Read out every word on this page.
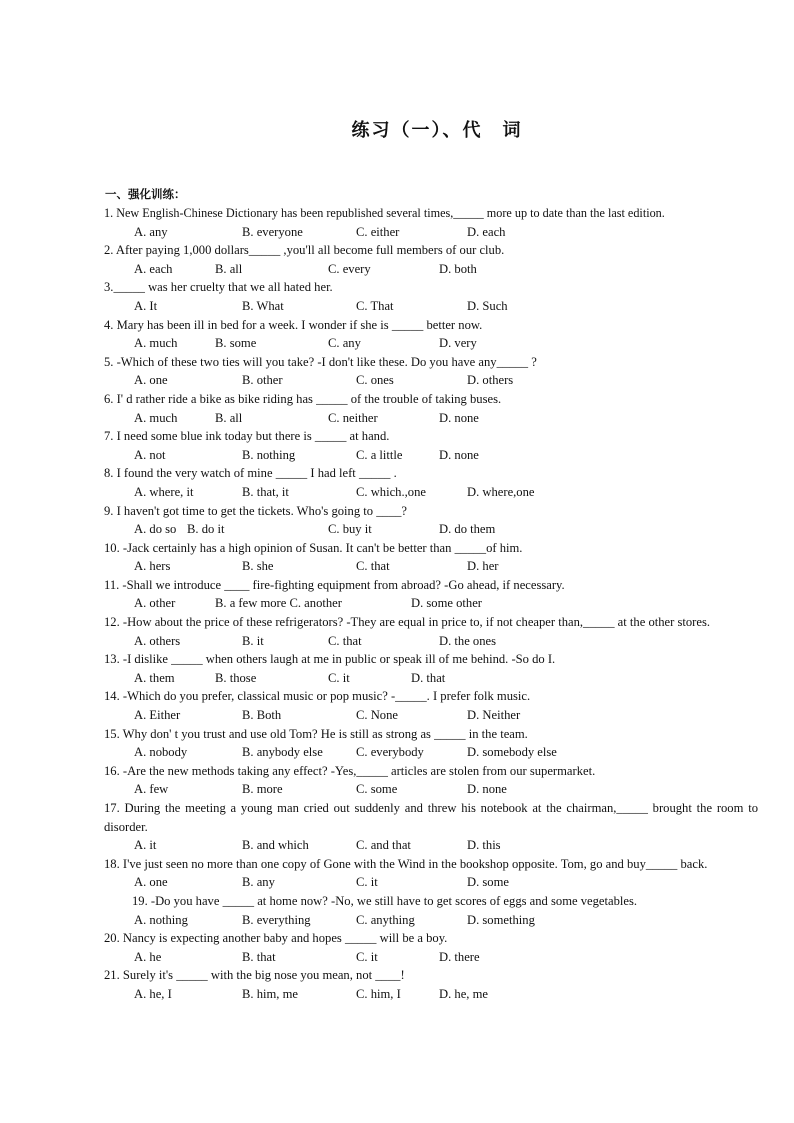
练习（一）、代　词
一、强化训练：
1. New English-Chinese Dictionary has been republished several times,_____ more up to date than the last edition.
A. any	B. everyone	C. either	D. each
2. After paying 1,000 dollars_____ ,you'll all become full members of our club.
A. each	B. all	C. every	D. both
3._____ was her cruelty that we all hated her.
A. It	B. What	C. That	D. Such
4. Mary has been ill in bed for a week. I wonder if she is _____ better now.
A. much	B. some	C. any	D. very
5. -Which of these two ties will you take? -I don't like these. Do you have any_____ ?
A. one	B. other	C. ones	D. others
6. I' d rather ride a bike as bike riding has _____ of the trouble of taking buses.
A. much	B. all	C. neither	D. none
7. I need some blue ink today but there is _____ at hand.
A. not	B. nothing	C. a little	D. none
8. I found the very watch of mine _____ I had left _____ .
A. where, it	B. that, it	C. which.,one	D. where,one
9. I haven't got time to get the tickets. Who's going to ____?
A. do so B. do it	C. buy it	D. do them
10. -Jack certainly has a high opinion of Susan. It can't be better than _____of him.
A. hers	B. she	C. that	D. her
11. -Shall we introduce ____ fire-fighting equipment from abroad? -Go ahead, if necessary.
A. other	B. a few more C. another	D. some other
12. -How about the price of these refrigerators? -They are equal in price to, if not cheaper than,_____ at the other stores.
A. others	B. it	C. that	D. the ones
13. -I dislike _____ when others laugh at me in public or speak ill of me behind. -So do I.
A. them	B. those	C. it	D. that
14. -Which do you prefer, classical music or pop music? -_____. I prefer folk music.
A. Either	B. Both	C. None	D. Neither
15. Why don' t you trust and use old Tom? He is still as strong as _____ in the team.
A. nobody	B. anybody else	C. everybody	D. somebody else
16. -Are the new methods taking any effect? -Yes,_____ articles are stolen from our supermarket.
A. few	B. more	C. some	D. none
17. During the meeting a young man cried out suddenly and threw his notebook at the chairman,_____ brought the room to disorder.
A. it	B. and which	C. and that	D. this
18. I've just seen no more than one copy of Gone with the Wind in the bookshop opposite. Tom, go and buy_____ back.
A. one	B. any	C. it	D. some
19. -Do you have _____ at home now? -No, we still have to get scores of eggs and some vegetables.
A. nothing	B. everything	C. anything	D. something
20. Nancy is expecting another baby and hopes _____ will be a boy.
A. he	B. that	C. it	D. there
21. Surely it's _____ with the big nose you mean, not ____!
A. he, I	B. him, me	C. him, I	D. he, me
